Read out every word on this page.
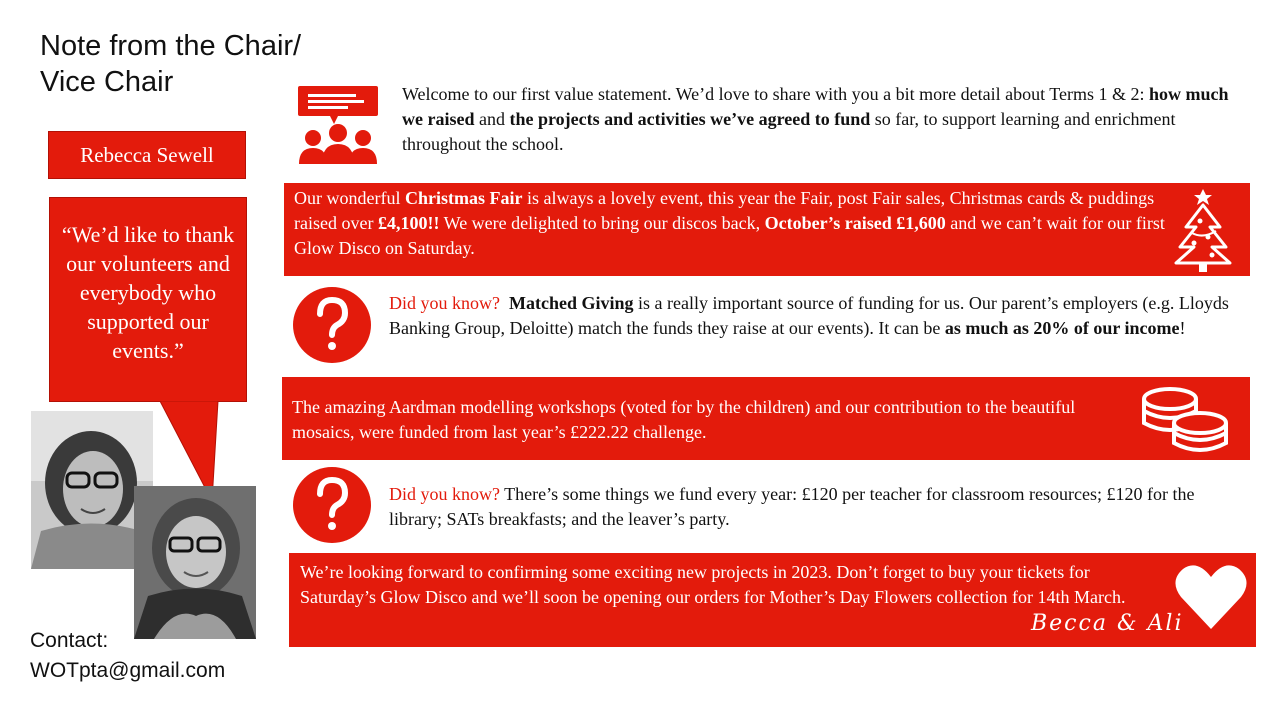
Note from the Chair/
Vice Chair
Rebecca Sewell
“We’d like to thank our volunteers and everybody who supported our events.”
Contact:
WOTpta@gmail.com
Welcome to our first value statement. We’d love to share with you a bit more detail about Terms 1 & 2: how much we raised and the projects and activities we’ve agreed to fund so far, to support learning and enrichment throughout the school.
Our wonderful Christmas Fair is always a lovely event, this year the Fair, post Fair sales, Christmas cards & puddings raised over £4,100!! We were delighted to bring our discos back, October’s raised £1,600 and we can’t wait for our first Glow Disco on Saturday.
Did you know? Matched Giving is a really important source of funding for us. Our parent’s employers (e.g. Lloyds Banking Group, Deloitte) match the funds they raise at our events). It can be as much as 20% of our income!
The amazing Aardman modelling workshops (voted for by the children) and our contribution to the beautiful mosaics, were funded from last year’s £222.22 challenge.
Did you know? There’s some things we fund every year: £120 per teacher for classroom resources; £120 for the library; SATs breakfasts; and the leaver’s party.
We’re looking forward to confirming some exciting new projects in 2023. Don’t forget to buy your tickets for Saturday’s Glow Disco and we’ll soon be opening our orders for Mother’s Day Flowers collection for 14th March.
Becca & Ali
